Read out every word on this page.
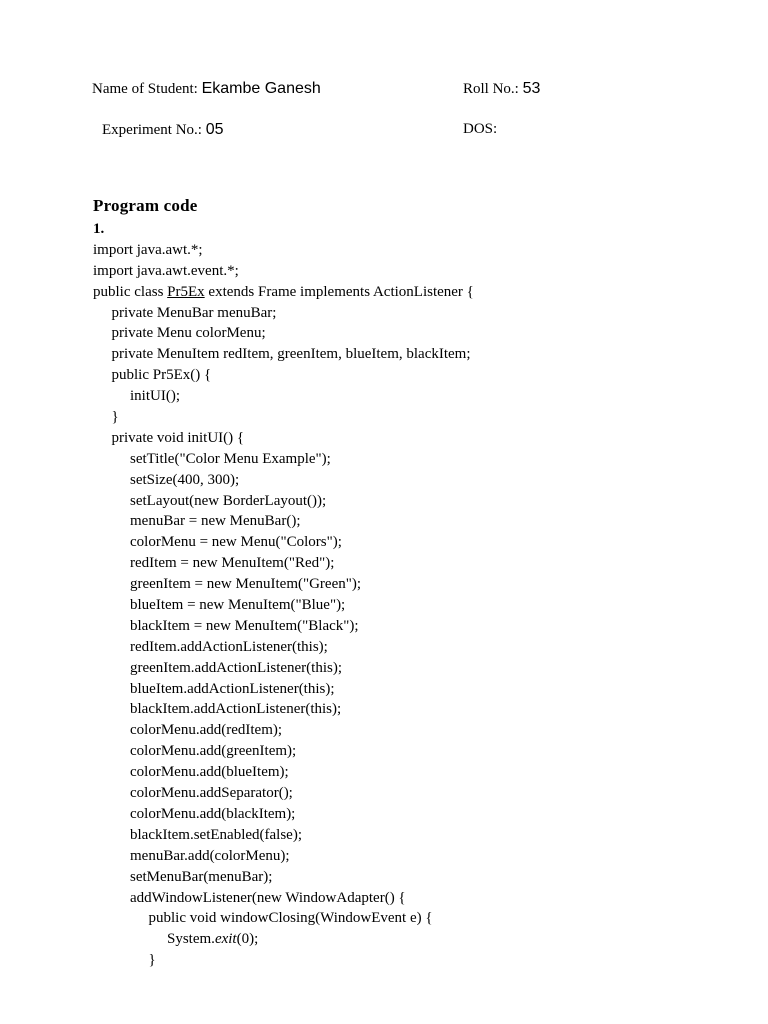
Name of Student: Ekambe Ganesh	Roll No.: 53
Experiment No.: 05	DOS:
Program code
1.
import java.awt.*;
import java.awt.event.*;
public class Pr5Ex extends Frame implements ActionListener {
private MenuBar menuBar;
private Menu colorMenu;
private MenuItem redItem, greenItem, blueItem, blackItem;
public Pr5Ex() {
initUI();
}
private void initUI() {
setTitle("Color Menu Example");
setSize(400, 300);
setLayout(new BorderLayout());
menuBar = new MenuBar();
colorMenu = new Menu("Colors");
redItem = new MenuItem("Red");
greenItem = new MenuItem("Green");
blueItem = new MenuItem("Blue");
blackItem = new MenuItem("Black");
redItem.addActionListener(this);
greenItem.addActionListener(this);
blueItem.addActionListener(this);
blackItem.addActionListener(this);
colorMenu.add(redItem);
colorMenu.add(greenItem);
colorMenu.add(blueItem);
colorMenu.addSeparator();
colorMenu.add(blackItem);
blackItem.setEnabled(false);
menuBar.add(colorMenu);
setMenuBar(menuBar);
addWindowListener(new WindowAdapter() {
public void windowClosing(WindowEvent e) {
System.exit(0);
}
